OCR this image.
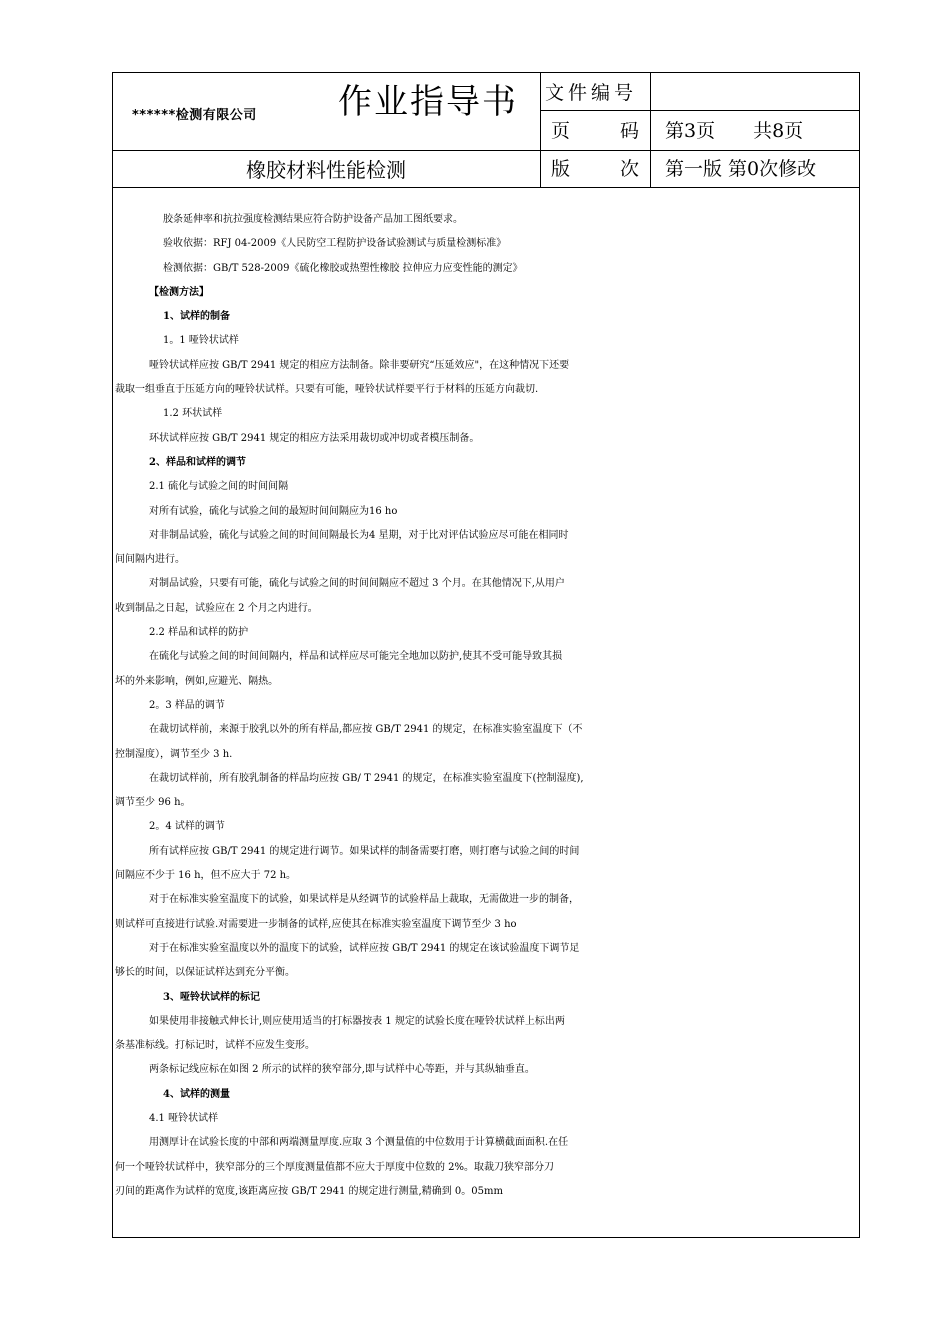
******检测有限公司 作业指导书
橡胶材料性能检测
文件编号
页	码 第3页　　共8页
版	次 第一版 第0次修改
胶条延伸率和抗拉强度检测结果应符合防护设备产品加工图纸要求。
验收依据：RFJ 04-2009《人民防空工程防护设备试验测试与质量检测标准》
检测依据：GB/T 528-2009《硫化橡胶或热塑性橡胶 拉伸应力应变性能的测定》
【检测方法】
1、试样的制备
1。1 哑铃状试样
哑铃状试样应按 GB/T 2941 规定的相应方法制备。除非要研究“压延效应"，在这种情况下还要
裁取一组垂直于压延方向的哑铃状试样。只要有可能，哑铃状试样要平行于材料的压延方向裁切.
1.2 环状试样
环状试样应按 GB/T 2941 规定的相应方法采用裁切或冲切或者模压制备。
2、样品和试样的调节
2.1 硫化与试验之间的时间间隔
对所有试验，硫化与试验之间的最短时间间隔应为16 ho
对非制品试验，硫化与试验之间的时间间隔最长为4 星期，对于比对评估试验应尽可能在相同时
间间隔内进行。
对制品试验，只要有可能，硫化与试验之间的时间间隔应不超过 3 个月。在其他情况下,从用户
收到制品之日起，试验应在 2 个月之内进行。
2.2 样品和试样的防护
在硫化与试验之间的时间间隔内，样品和试样应尽可能完全地加以防护,使其不受可能导致其损
坏的外来影响，例如,应避光、隔热。
2。3 样品的调节
在裁切试样前，来源于胶乳以外的所有样品,都应按 GB/T 2941 的规定，在标准实验室温度下（不
控制湿度），调节至少 3 h.
在裁切试样前，所有胶乳制备的样品均应按 GB/ T 2941 的规定，在标准实验室温度下(控制湿度),
调节至少 96 h。
2。4 试样的调节
所有试样应按 GB/T 2941 的规定进行调节。如果试样的制备需要打磨，则打磨与试验之间的时间
间隔应不少于 16 h，但不应大于 72 h。
对于在标准实验室温度下的试验，如果试样是从经调节的试验样品上裁取，无需做进一步的制备，
则试样可直接进行试验.对需要进一步制备的试样,应使其在标准实验室温度下调节至少 3 ho
对于在标准实验室温度以外的温度下的试验，试样应按 GB/T 2941 的规定在该试验温度下调节足
够长的时间，以保证试样达到充分平衡。
3、哑铃状试样的标记
如果使用非接触式伸长计,则应使用适当的打标器按表 1 规定的试验长度在哑铃状试样上标出两
条基准标线。打标记时，试样不应发生变形。
两条标记线应标在如图 2 所示的试样的狭窄部分,即与试样中心等距，并与其纵轴垂直。
4、试样的测量
4.1 哑铃状试样
用测厚计在试验长度的中部和两端测量厚度.应取 3 个测量值的中位数用于计算横截面面积.在任
何一个哑铃状试样中，狭窄部分的三个厚度测量值都不应大于厚度中位数的 2%。取裁刀狭窄部分刀
刃间的距离作为试样的宽度,该距离应按 GB/T 2941 的规定进行测量,精确到 0。05mm
